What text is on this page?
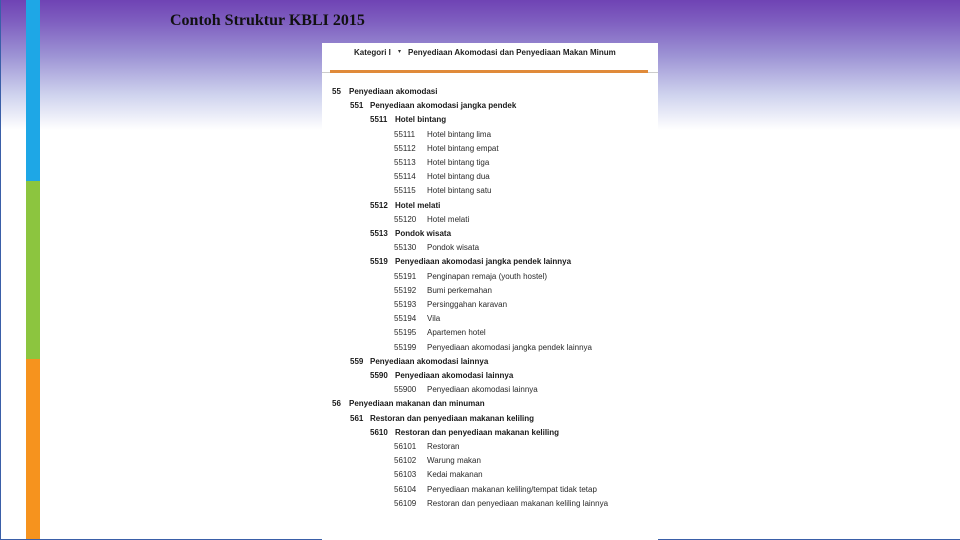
Contoh Struktur KBLI 2015
Kategori I ▾ Penyediaan Akomodasi dan Penyediaan Makan Minum
55 Penyediaan akomodasi
551 Penyediaan akomodasi jangka pendek
5511 Hotel bintang
55111 Hotel bintang lima
55112 Hotel bintang empat
55113 Hotel bintang tiga
55114 Hotel bintang dua
55115 Hotel bintang satu
5512 Hotel melati
55120 Hotel melati
5513 Pondok wisata
55130 Pondok wisata
5519 Penyediaan akomodasi jangka pendek lainnya
55191 Penginapan remaja (youth hostel)
55192 Bumi perkemahan
55193 Persinggahan karavan
55194 Vila
55195 Apartemen hotel
55199 Penyediaan akomodasi jangka pendek lainnya
559 Penyediaan akomodasi lainnya
5590 Penyediaan akomodasi lainnya
55900 Penyediaan akomodasi lainnya
56 Penyediaan makanan dan minuman
561 Restoran dan penyediaan makanan keliling
5610 Restoran dan penyediaan makanan keliling
56101 Restoran
56102 Warung makan
56103 Kedai makanan
56104 Penyediaan makanan keliling/tempat tidak tetap
56109 Restoran dan penyediaan makanan keliling lainnya
